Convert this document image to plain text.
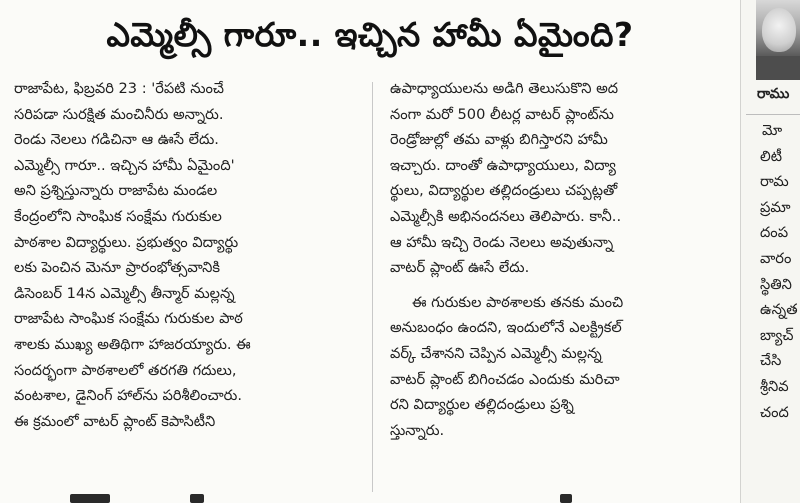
ఎమ్మెల్సీ గారూ.. ఇచ్చిన హామీ ఏమైంది?
రాజాపేట, ఫిబ్రవరి 23 : 'రేపటి నుంచే
సరిపడా సురక్షిత మంచినీరు అన్నారు.
రెండు నెలలు గడిచినా ఆ ఊసే లేదు.
ఎమ్మెల్సీ గారూ.. ఇచ్చిన హామీ ఏమైంది'
అని ప్రశ్నిస్తున్నారు రాజాపేట మండల
కేంద్రంలోని సాంఘిక సంక్షేమ గురుకుల
పాఠశాల విద్యార్థులు. ప్రభుత్వం విద్యార్థు
లకు పెంచిన మెనూ ప్రారంభోత్సవానికి
డిసెంబర్ 14న ఎమ్మెల్సీ తీన్మార్ మల్లన్న
రాజాపేట సాంఘిక సంక్షేమ గురుకుల పాఠ
శాలకు ముఖ్య అతిథిగా హాజరయ్యారు. ఈ
సందర్భంగా పాఠశాలలో తరగతి గదులు,
వంటశాల, డైనింగ్ హాల్‌ను పరిశీలించారు.
ఈ క్రమంలో వాటర్ ప్లాంట్ కెపాసిటీని
ఉపాధ్యాయులను అడిగి తెలుసుకొని అద
నంగా మరో 500 లీటర్ల వాటర్ ప్లాంట్‌ను
రెండ్రోజుల్లో తమ వాళ్లు బిగిస్తారని హామీ
ఇచ్చారు. దాంతో ఉపాధ్యాయులు, విద్యా
ర్థులు, విద్యార్థుల తల్లిదండ్రులు చప్పట్లతో
ఎమ్మెల్సీకి అభినందనలు తెలిపారు. కానీ..
ఆ హామీ ఇచ్చి రెండు నెలలు అవుతున్నా
వాటర్ ప్లాంట్ ఊసే లేదు.
ఈ గురుకుల పాఠశాలకు తనకు మంచి
అనుబంధం ఉందని, ఇందులోనే ఎలక్ట్రికల్
వర్క్ చేశానని చెప్పిన ఎమ్మెల్సీ మల్లన్న
వాటర్ ప్లాంట్ బిగించడం ఎందుకు మరిచా
రని విద్యార్థుల తల్లిదండ్రులు ప్రశ్ని
స్తున్నారు.
రాము
మో
లిటీ
రామ
ప్రమా
దంప
వారం
స్థితిని
ఉన్నత
బ్యాచ్
చేసి
శ్రీనివ
చంద
